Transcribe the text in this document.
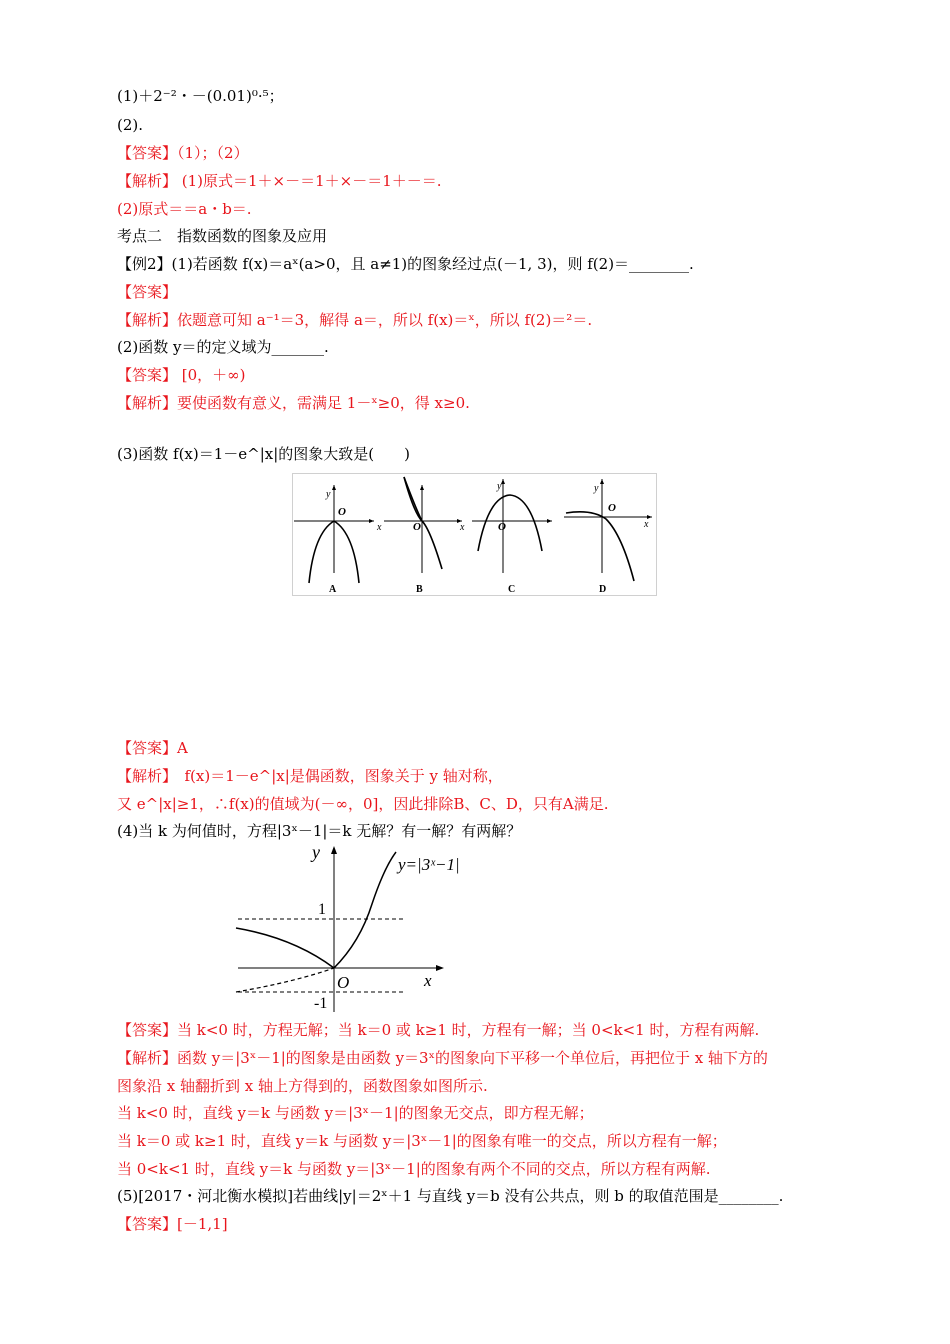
(1)＋2⁻²・－(0.01)⁰·⁵；
(2).
【答案】（1）；（2）
【解析】 (1)原式＝1＋×－＝1＋×－＝1＋－＝.
(2)原式＝＝a・b＝.
考点二　指数函数的图象及应用
【例2】(1)若函数 f(x)＝aˣ(a>0，且 a≠1)的图象经过点(－1, 3)，则 f(2)＝________.
【答案】
【解析】依题意可知 a⁻¹＝3，解得 a＝，所以 f(x)＝ˣ，所以 f(2)＝²＝.
(2)函数 y＝的定义域为_______.
【答案】 [0，＋∞)
【解析】要使函数有意义，需满足 1－ˣ≥0，得 x≥0.
(3)函数 f(x)＝1－e^|x|的图象大致是(　　)
【答案】A
【解析】　f(x)＝1－e^|x|是偶函数，图象关于 y 轴对称，
又 e^|x|≥1，∴f(x)的值域为(－∞，0]，因此排除B、C、D，只有A满足.
(4)当 k 为何值时，方程|3ˣ－1|＝k 无解？有一解？有两解？
【答案】当 k<0 时，方程无解；当 k＝0 或 k≥1 时，方程有一解；当 0<k<1 时，方程有两解.
【解析】函数 y＝|3ˣ－1|的图象是由函数 y＝3ˣ的图象向下平移一个单位后，再把位于 x 轴下方的
图象沿 x 轴翻折到 x 轴上方得到的，函数图象如图所示.
当 k<0 时，直线 y＝k 与函数 y＝|3ˣ－1|的图象无交点，即方程无解；
当 k＝0 或 k≥1 时，直线 y＝k 与函数 y＝|3ˣ－1|的图象有唯一的交点，所以方程有一解；
当 0<k<1 时，直线 y＝k 与函数 y＝|3ˣ－1|的图象有两个不同的交点，所以方程有两解.
(5)[2017・河北衡水模拟]若曲线|y|＝2ˣ＋1 与直线 y＝b 没有公共点，则 b 的取值范围是________.
【答案】[－1,1]
O
x
y
A
O	x
B
O
y
C
O
x
y
D
y
y=|3ˣ−1|
1
O	x
-1
